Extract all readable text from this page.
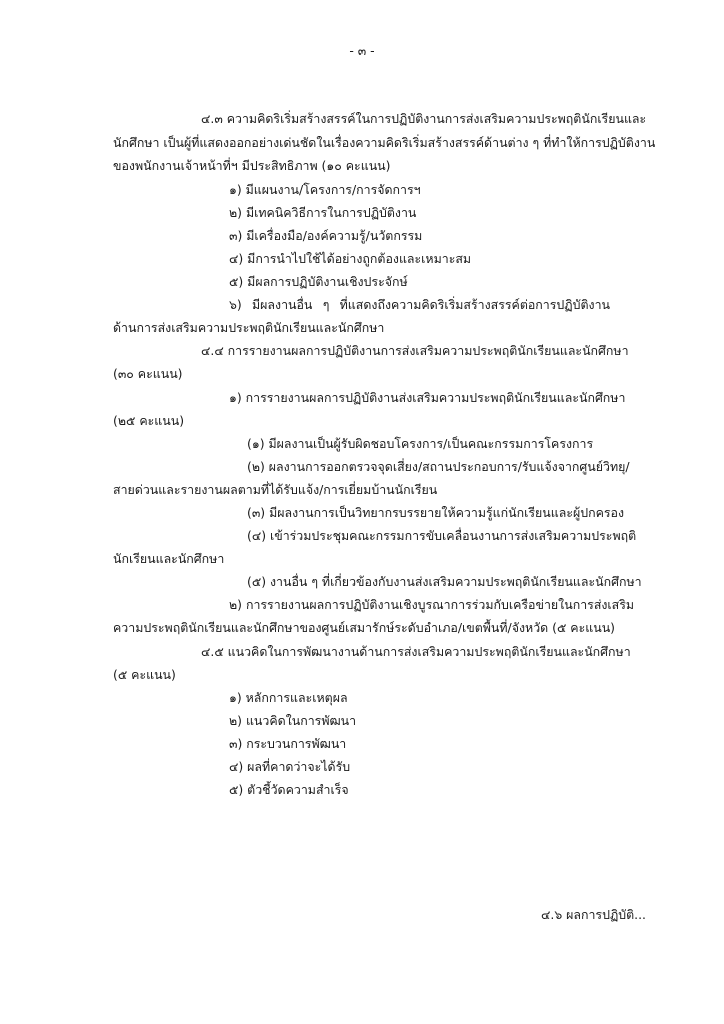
- ๓ -
๔.๓ ความคิดริเริ่มสร้างสรรค์ในการปฏิบัติงานการส่งเสริมความประพฤตินักเรียนและ
นักศึกษา เป็นผู้ที่แสดงออกอย่างเด่นชัดในเรื่องความคิดริเริ่มสร้างสรรค์ด้านต่าง ๆ ที่ทำให้การปฏิบัติงาน
ของพนักงานเจ้าหน้าที่ฯ มีประสิทธิภาพ (๑๐ คะแนน)
๑) มีแผนงาน/โครงการ/การจัดการฯ
๒) มีเทคนิควิธีการในการปฏิบัติงาน
๓) มีเครื่องมือ/องค์ความรู้/นวัตกรรม
๔) มีการนำไปใช้ได้อย่างถูกต้องและเหมาะสม
๕) มีผลการปฏิบัติงานเชิงประจักษ์
๖) มีผลงานอื่น ๆ ที่แสดงถึงความคิดริเริ่มสร้างสรรค์ต่อการปฏิบัติงาน
ด้านการส่งเสริมความประพฤตินักเรียนและนักศึกษา
๔.๔ การรายงานผลการปฏิบัติงานการส่งเสริมความประพฤตินักเรียนและนักศึกษา
(๓๐ คะแนน)
๑) การรายงานผลการปฏิบัติงานส่งเสริมความประพฤตินักเรียนและนักศึกษา
(๒๕ คะแนน)
(๑) มีผลงานเป็นผู้รับผิดชอบโครงการ/เป็นคณะกรรมการโครงการ
(๒) ผลงานการออกตรวจจุดเสี่ยง/สถานประกอบการ/รับแจ้งจากศูนย์วิทยุ/
สายด่วนและรายงานผลตามที่ได้รับแจ้ง/การเยี่ยมบ้านนักเรียน
(๓) มีผลงานการเป็นวิทยากรบรรยายให้ความรู้แก่นักเรียนและผู้ปกครอง
(๔) เข้าร่วมประชุมคณะกรรมการขับเคลื่อนงานการส่งเสริมความประพฤติ
นักเรียนและนักศึกษา
(๕) งานอื่น ๆ ที่เกี่ยวข้องกับงานส่งเสริมความประพฤตินักเรียนและนักศึกษา
๒) การรายงานผลการปฏิบัติงานเชิงบูรณาการร่วมกับเครือข่ายในการส่งเสริม
ความประพฤตินักเรียนและนักศึกษาของศูนย์เสมารักษ์ระดับอำเภอ/เขตพื้นที่/จังหวัด (๕ คะแนน)
๔.๕ แนวคิดในการพัฒนางานด้านการส่งเสริมความประพฤตินักเรียนและนักศึกษา
(๕ คะแนน)
๑) หลักการและเหตุผล
๒) แนวคิดในการพัฒนา
๓) กระบวนการพัฒนา
๔) ผลที่คาดว่าจะได้รับ
๕) ตัวชี้วัดความสำเร็จ
๔.๖ ผลการปฏิบัติ...
